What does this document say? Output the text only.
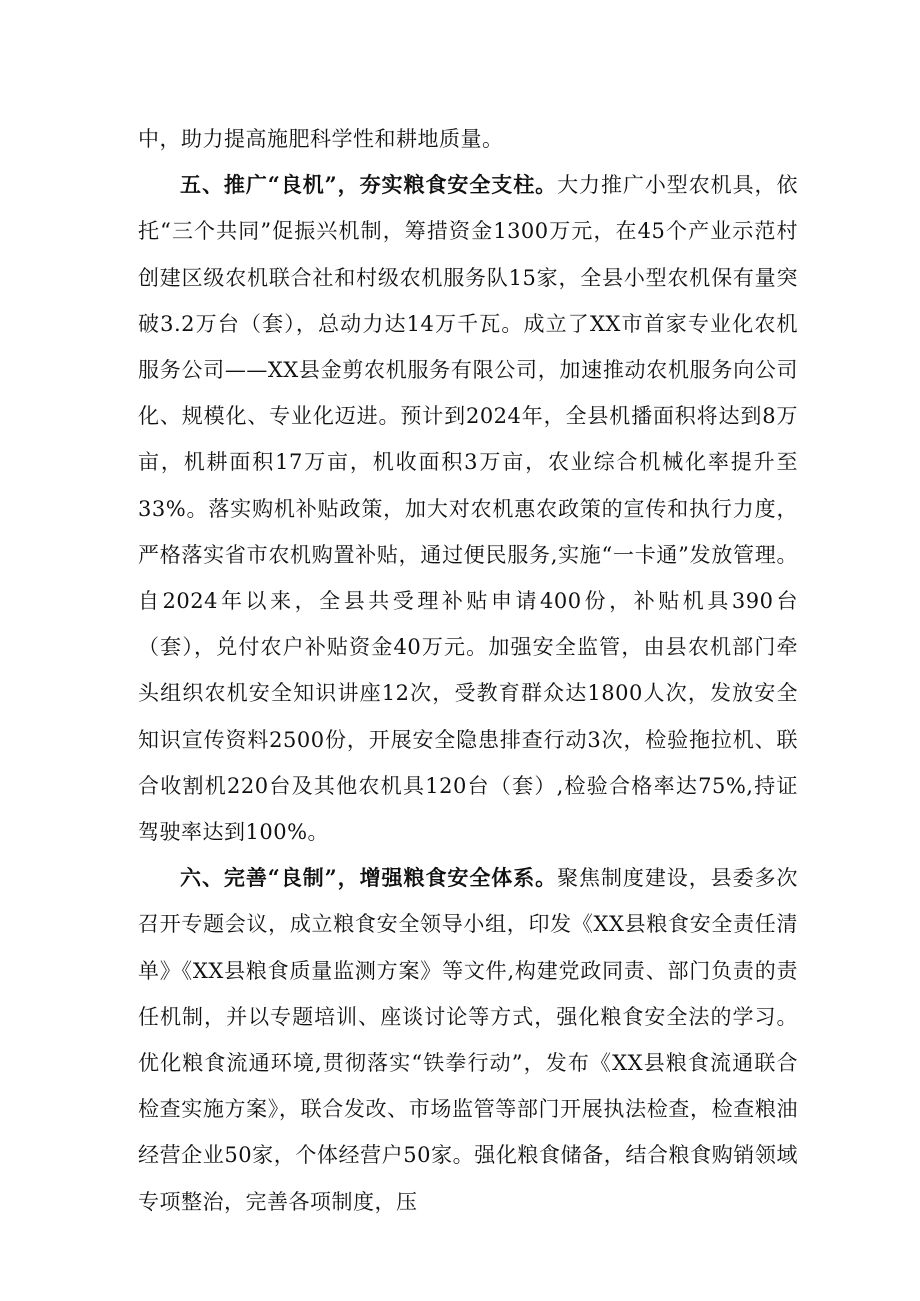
中，助力提高施肥科学性和耕地质量。

五、推广“良机”，夯实粮食安全支柱。大力推广小型农机具，依托“三个共同”促振兴机制，筹措资金1300万元，在45个产业示范村创建区级农机联合社和村级农机服务队15家，全县小型农机保有量突破3.2万台（套），总动力达14万千瓦。成立了XX市首家专业化农机服务公司——XX县金剪农机服务有限公司，加速推动农机服务向公司化、规模化、专业化迈进。预计到2024年，全县机播面积将达到8万亩，机耕面积17万亩，机收面积3万亩，农业综合机械化率提升至33%。落实购机补贴政策，加大对农机惠农政策的宣传和执行力度，严格落实省市农机购置补贴，通过便民服务,实施“一卡通”发放管理。自2024年以来，全县共受理补贴申请400份，补贴机具390台（套），兑付农户补贴资金40万元。加强安全监管，由县农机部门牵头组织农机安全知识讲座12次，受教育群众达1800人次，发放安全知识宣传资料2500份，开展安全隐患排查行动3次，检验拖拉机、联合收割机220台及其他农机具120台（套）,检验合格率达75%,持证驾驶率达到100%。

六、完善“良制”，增强粮食安全体系。聚焦制度建设，县委多次召开专题会议，成立粮食安全领导小组，印发《XX县粮食安全责任清单》《XX县粮食质量监测方案》等文件,构建党政同责、部门负责的责任机制，并以专题培训、座谈讨论等方式，强化粮食安全法的学习。优化粮食流通环境,贯彻落实“铁拳行动”，发布《XX县粮食流通联合检查实施方案》，联合发改、市场监管等部门开展执法检查，检查粮油经营企业50家，个体经营户50家。强化粮食储备，结合粮食购销领域专项整治，完善各项制度，压
